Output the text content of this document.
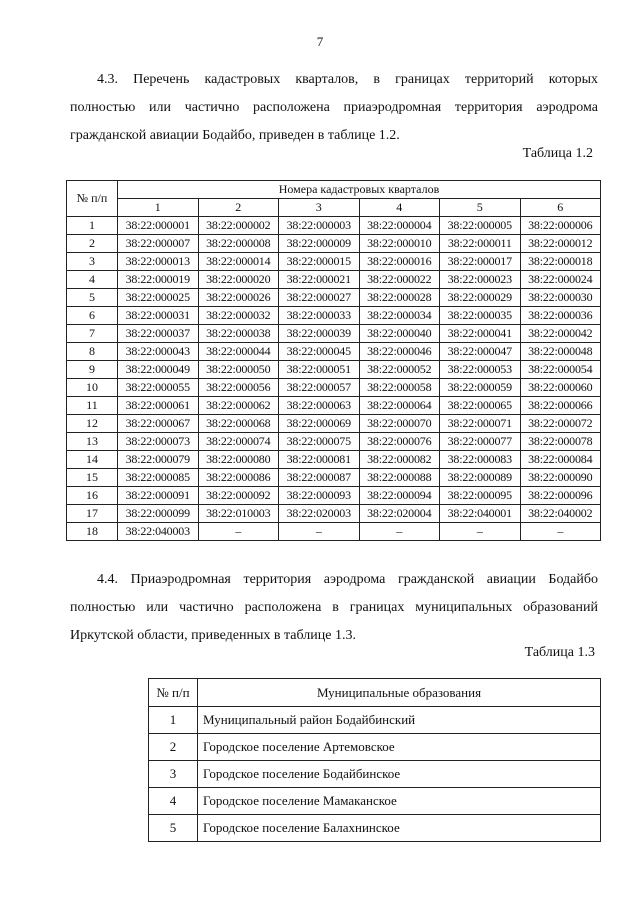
7
4.3. Перечень кадастровых кварталов, в границах территорий которых
полностью или частично расположена приаэродромная территория аэродрома
гражданской авиации Бодайбо, приведен в таблице 1.2.
Таблица 1.2
№ п/п	Номера кадастровых кварталов					
	1	2	3	4	5	6
1	38:22:000001	38:22:000002	38:22:000003	38:22:000004	38:22:000005	38:22:000006
2	38:22:000007	38:22:000008	38:22:000009	38:22:000010	38:22:000011	38:22:000012
3	38:22:000013	38:22:000014	38:22:000015	38:22:000016	38:22:000017	38:22:000018
4	38:22:000019	38:22:000020	38:22:000021	38:22:000022	38:22:000023	38:22:000024
5	38:22:000025	38:22:000026	38:22:000027	38:22:000028	38:22:000029	38:22:000030
6	38:22:000031	38:22:000032	38:22:000033	38:22:000034	38:22:000035	38:22:000036
7	38:22:000037	38:22:000038	38:22:000039	38:22:000040	38:22:000041	38:22:000042
8	38:22:000043	38:22:000044	38:22:000045	38:22:000046	38:22:000047	38:22:000048
9	38:22:000049	38:22:000050	38:22:000051	38:22:000052	38:22:000053	38:22:000054
10	38:22:000055	38:22:000056	38:22:000057	38:22:000058	38:22:000059	38:22:000060
11	38:22:000061	38:22:000062	38:22:000063	38:22:000064	38:22:000065	38:22:000066
12	38:22:000067	38:22:000068	38:22:000069	38:22:000070	38:22:000071	38:22:000072
13	38:22:000073	38:22:000074	38:22:000075	38:22:000076	38:22:000077	38:22:000078
14	38:22:000079	38:22:000080	38:22:000081	38:22:000082	38:22:000083	38:22:000084
15	38:22:000085	38:22:000086	38:22:000087	38:22:000088	38:22:000089	38:22:000090
16	38:22:000091	38:22:000092	38:22:000093	38:22:000094	38:22:000095	38:22:000096
17	38:22:000099	38:22:010003	38:22:020003	38:22:020004	38:22:040001	38:22:040002
18	38:22:040003	–	–	–	–	–
4.4. Приаэродромная территория аэродрома гражданской авиации Бодайбо
полностью или частично расположена в границах муниципальных образований
Иркутской области, приведенных в таблице 1.3.
Таблица 1.3
№ п/п	Муниципальные образования
1	Муниципальный район Бодайбинский
2	Городское поселение Артемовское
3	Городское поселение Бодайбинское
4	Городское поселение Мамаканское
5	Городское поселение Балахнинское
